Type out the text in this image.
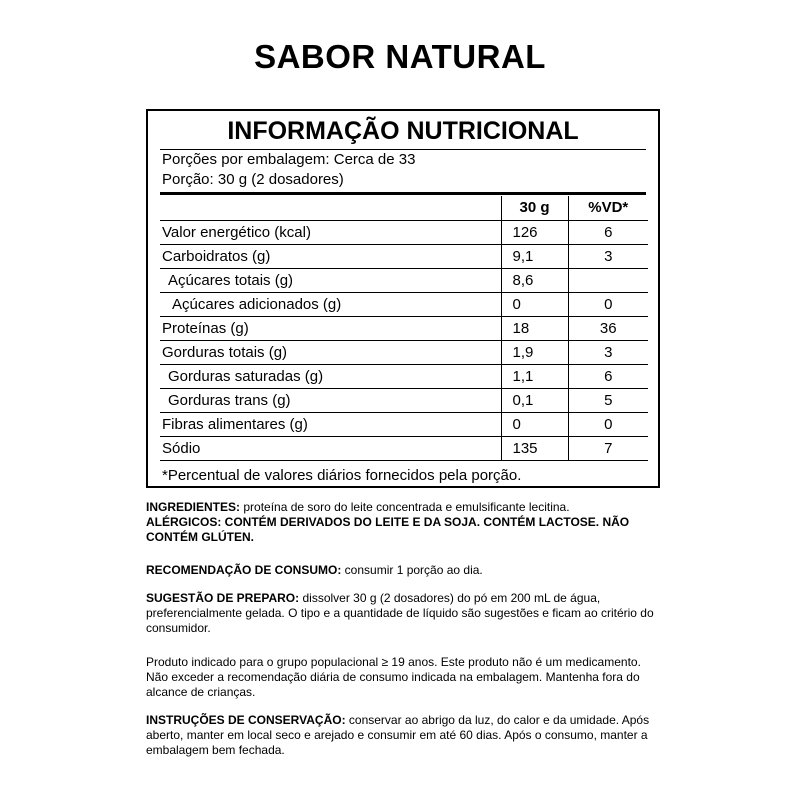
SABOR NATURAL
INFORMAÇÃO NUTRICIONAL
Porções por embalagem: Cerca de 33
Porção: 30 g (2 dosadores)
	30 g	%VD*
Valor energético (kcal)	126	6
Carboidratos (g)	9,1	3
Açúcares totais (g)	8,6	
Açúcares adicionados (g)	0	0
Proteínas (g)	18	36
Gorduras totais (g)	1,9	3
Gorduras saturadas (g)	1,1	6
Gorduras trans (g)	0,1	5
Fibras alimentares (g)	0	0
Sódio	135	7
*Percentual de valores diários fornecidos pela porção.
INGREDIENTES: proteína de soro do leite concentrada e emulsificante lecitina.
ALÉRGICOS: CONTÉM DERIVADOS DO LEITE E DA SOJA. CONTÉM LACTOSE. NÃO CONTÉM GLÚTEN.
RECOMENDAÇÃO DE CONSUMO: consumir 1 porção ao dia.
SUGESTÃO DE PREPARO: dissolver 30 g (2 dosadores) do pó em 200 mL de água, preferencialmente gelada. O tipo e a quantidade de líquido são sugestões e ficam ao critério do consumidor.
Produto indicado para o grupo populacional ≥ 19 anos. Este produto não é um medicamento. Não exceder a recomendação diária de consumo indicada na embalagem. Mantenha fora do alcance de crianças.
INSTRUÇÕES DE CONSERVAÇÃO: conservar ao abrigo da luz, do calor e da umidade. Após aberto, manter em local seco e arejado e consumir em até 60 dias. Após o consumo, manter a embalagem bem fechada.
